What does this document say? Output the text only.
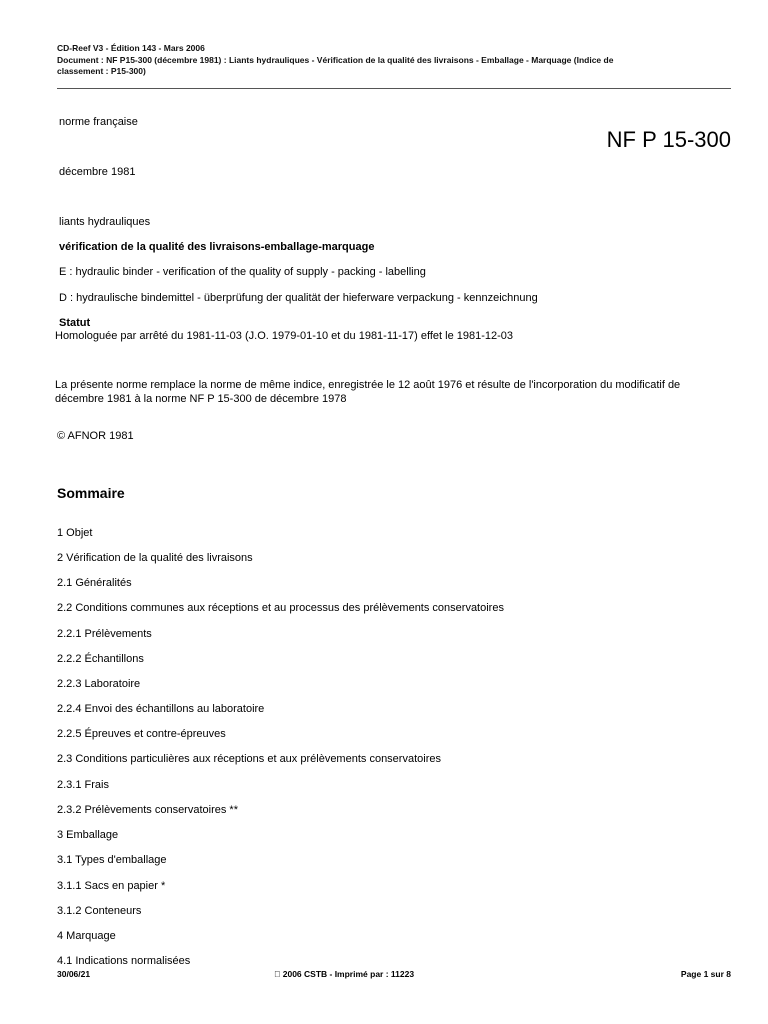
CD-Reef V3 - Édition 143 - Mars 2006
Document : NF P15-300 (décembre 1981) : Liants hydrauliques - Vérification de la qualité des livraisons - Emballage - Marquage (Indice de
classement : P15-300)
norme française
NF P 15-300
décembre 1981
liants hydrauliques
vérification de la qualité des livraisons-emballage-marquage
E : hydraulic binder - verification of the quality of supply - packing - labelling
D : hydraulische bindemittel - überprüfung der qualität der hieferware verpackung - kennzeichnung
Statut
Homologuée par arrêté du 1981-11-03 (J.O. 1979-01-10 et du 1981-11-17) effet le 1981-12-03
La présente norme remplace la norme de même indice, enregistrée le 12 août 1976 et résulte de l'incorporation du modificatif de
décembre 1981 à la norme NF P 15-300 de décembre 1978
© AFNOR 1981
Sommaire
1 Objet
2 Vérification de la qualité des livraisons
2.1 Généralités
2.2 Conditions communes aux réceptions et au processus des prélèvements conservatoires
2.2.1 Prélèvements
2.2.2 Échantillons
2.2.3 Laboratoire
2.2.4 Envoi des échantillons au laboratoire
2.2.5 Épreuves et contre-épreuves
2.3 Conditions particulières aux réceptions et aux prélèvements conservatoires
2.3.1 Frais
2.3.2 Prélèvements conservatoires **
3 Emballage
3.1 Types d'emballage
3.1.1 Sacs en papier *
3.1.2 Conteneurs
4 Marquage
4.1 Indications normalisées
30/06/21	  2006 CSTB - Imprimé par : 11223	Page 1 sur 8
